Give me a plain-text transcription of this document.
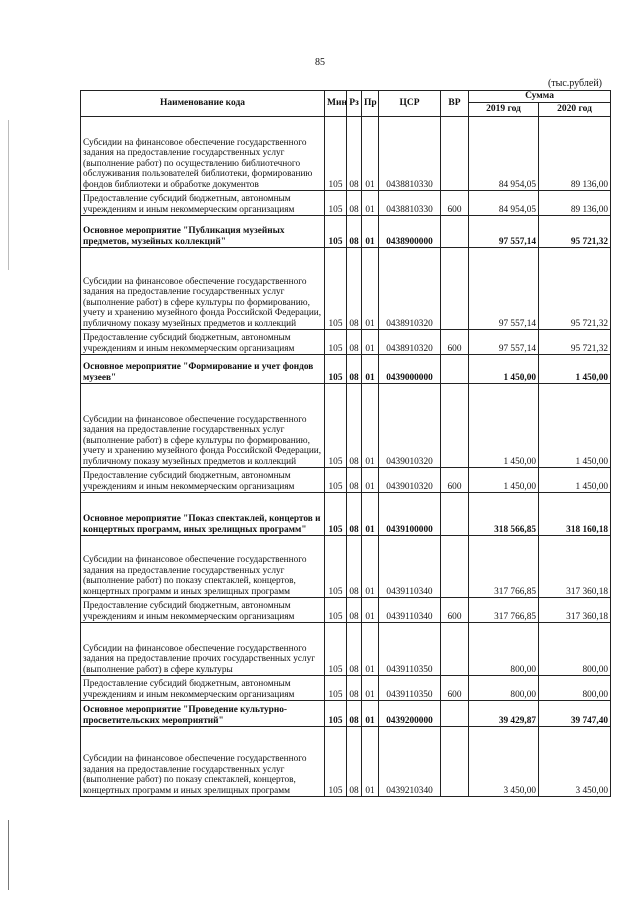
85
(тыс.рублей)
Наименование кода	Мин	Рз	Пр	ЦСР	ВР	Сумма	
						2019 год	2020 год
Субсидии на финансовое обеспечение государственного задания на предоставление государственных услуг (выполнение работ) по осуществлению библиотечного обслуживания пользователей библиотеки, формированию фондов библиотеки и обработке документов	105	08	01	0438810330		84 954,05	89 136,00
Предоставление субсидий бюджетным, автономным учреждениям и иным некоммерческим организациям	105	08	01	0438810330	600	84 954,05	89 136,00
Основное мероприятие "Публикация музейных предметов, музейных коллекций"	105	08	01	0438900000		97 557,14	95 721,32
Субсидии на финансовое обеспечение государственного задания на предоставление государственных услуг (выполнение работ) в сфере культуры по формированию, учету и хранению музейного фонда Российской Федерации, публичному показу музейных предметов и коллекций	105	08	01	0438910320		97 557,14	95 721,32
Предоставление субсидий бюджетным, автономным учреждениям и иным некоммерческим организациям	105	08	01	0438910320	600	97 557,14	95 721,32
Основное мероприятие "Формирование и учет фондов музеев"	105	08	01	0439000000		1 450,00	1 450,00
Субсидии на финансовое обеспечение государственного задания на предоставление государственных услуг (выполнение работ) в сфере культуры по формированию, учету и хранению музейного фонда Российской Федерации, публичному показу музейных предметов и коллекций	105	08	01	0439010320		1 450,00	1 450,00
Предоставление субсидий бюджетным, автономным учреждениям и иным некоммерческим организациям	105	08	01	0439010320	600	1 450,00	1 450,00
Основное мероприятие "Показ спектаклей, концертов и концертных программ, иных зрелищных программ"	105	08	01	0439100000		318 566,85	318 160,18
Субсидии на финансовое обеспечение государственного задания на предоставление государственных услуг (выполнение работ) по показу спектаклей, концертов, концертных программ и иных зрелищных программ	105	08	01	0439110340		317 766,85	317 360,18
Предоставление субсидий бюджетным, автономным учреждениям и иным некоммерческим организациям	105	08	01	0439110340	600	317 766,85	317 360,18
Субсидии на финансовое обеспечение государственного задания на предоставление прочих государственных услуг (выполнение работ) в сфере культуры	105	08	01	0439110350		800,00	800,00
Предоставление субсидий бюджетным, автономным учреждениям и иным некоммерческим организациям	105	08	01	0439110350	600	800,00	800,00
Основное мероприятие "Проведение культурно-просветительских мероприятий"	105	08	01	0439200000		39 429,87	39 747,40
Субсидии на финансовое обеспечение государственного задания на предоставление государственных услуг (выполнение работ) по показу спектаклей, концертов, концертных программ и иных зрелищных программ	105	08	01	0439210340		3 450,00	3 450,00
